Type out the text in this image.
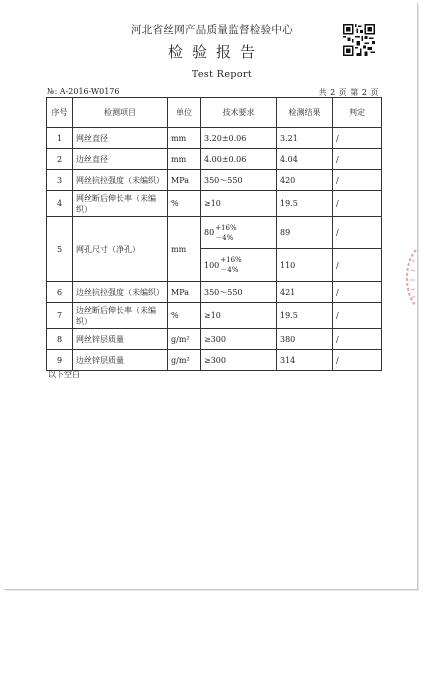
河北省丝网产品质量监督检验中心
检验报告
Test Report
№: A-2016-W0176	共 2 页 第 2 页
序号	检测项目	单位	技术要求	检测结果	判定
1	网丝直径	mm	3.20±0.06	3.21	/
2	边丝直径	mm	4.00±0.06	4.04	/
3	网丝抗拉强度（未编织）	MPa	350～550	420	/
4	网丝断后伸长率（未编织）	%	≥10	19.5	/
5	网孔尺寸（净孔）	mm	80
+16%
－4%	89	/

			100
+16%
－4%	110	/
6	边丝抗拉强度（未编织）	MPa	350～550	421	/
7	边丝断后伸长率（未编织）	%	≥10	19.5	/
8	网丝锌层质量	g/m²	≥300	380	/
9	边丝锌层质量	g/m²	≥300	314	/
以下空白
